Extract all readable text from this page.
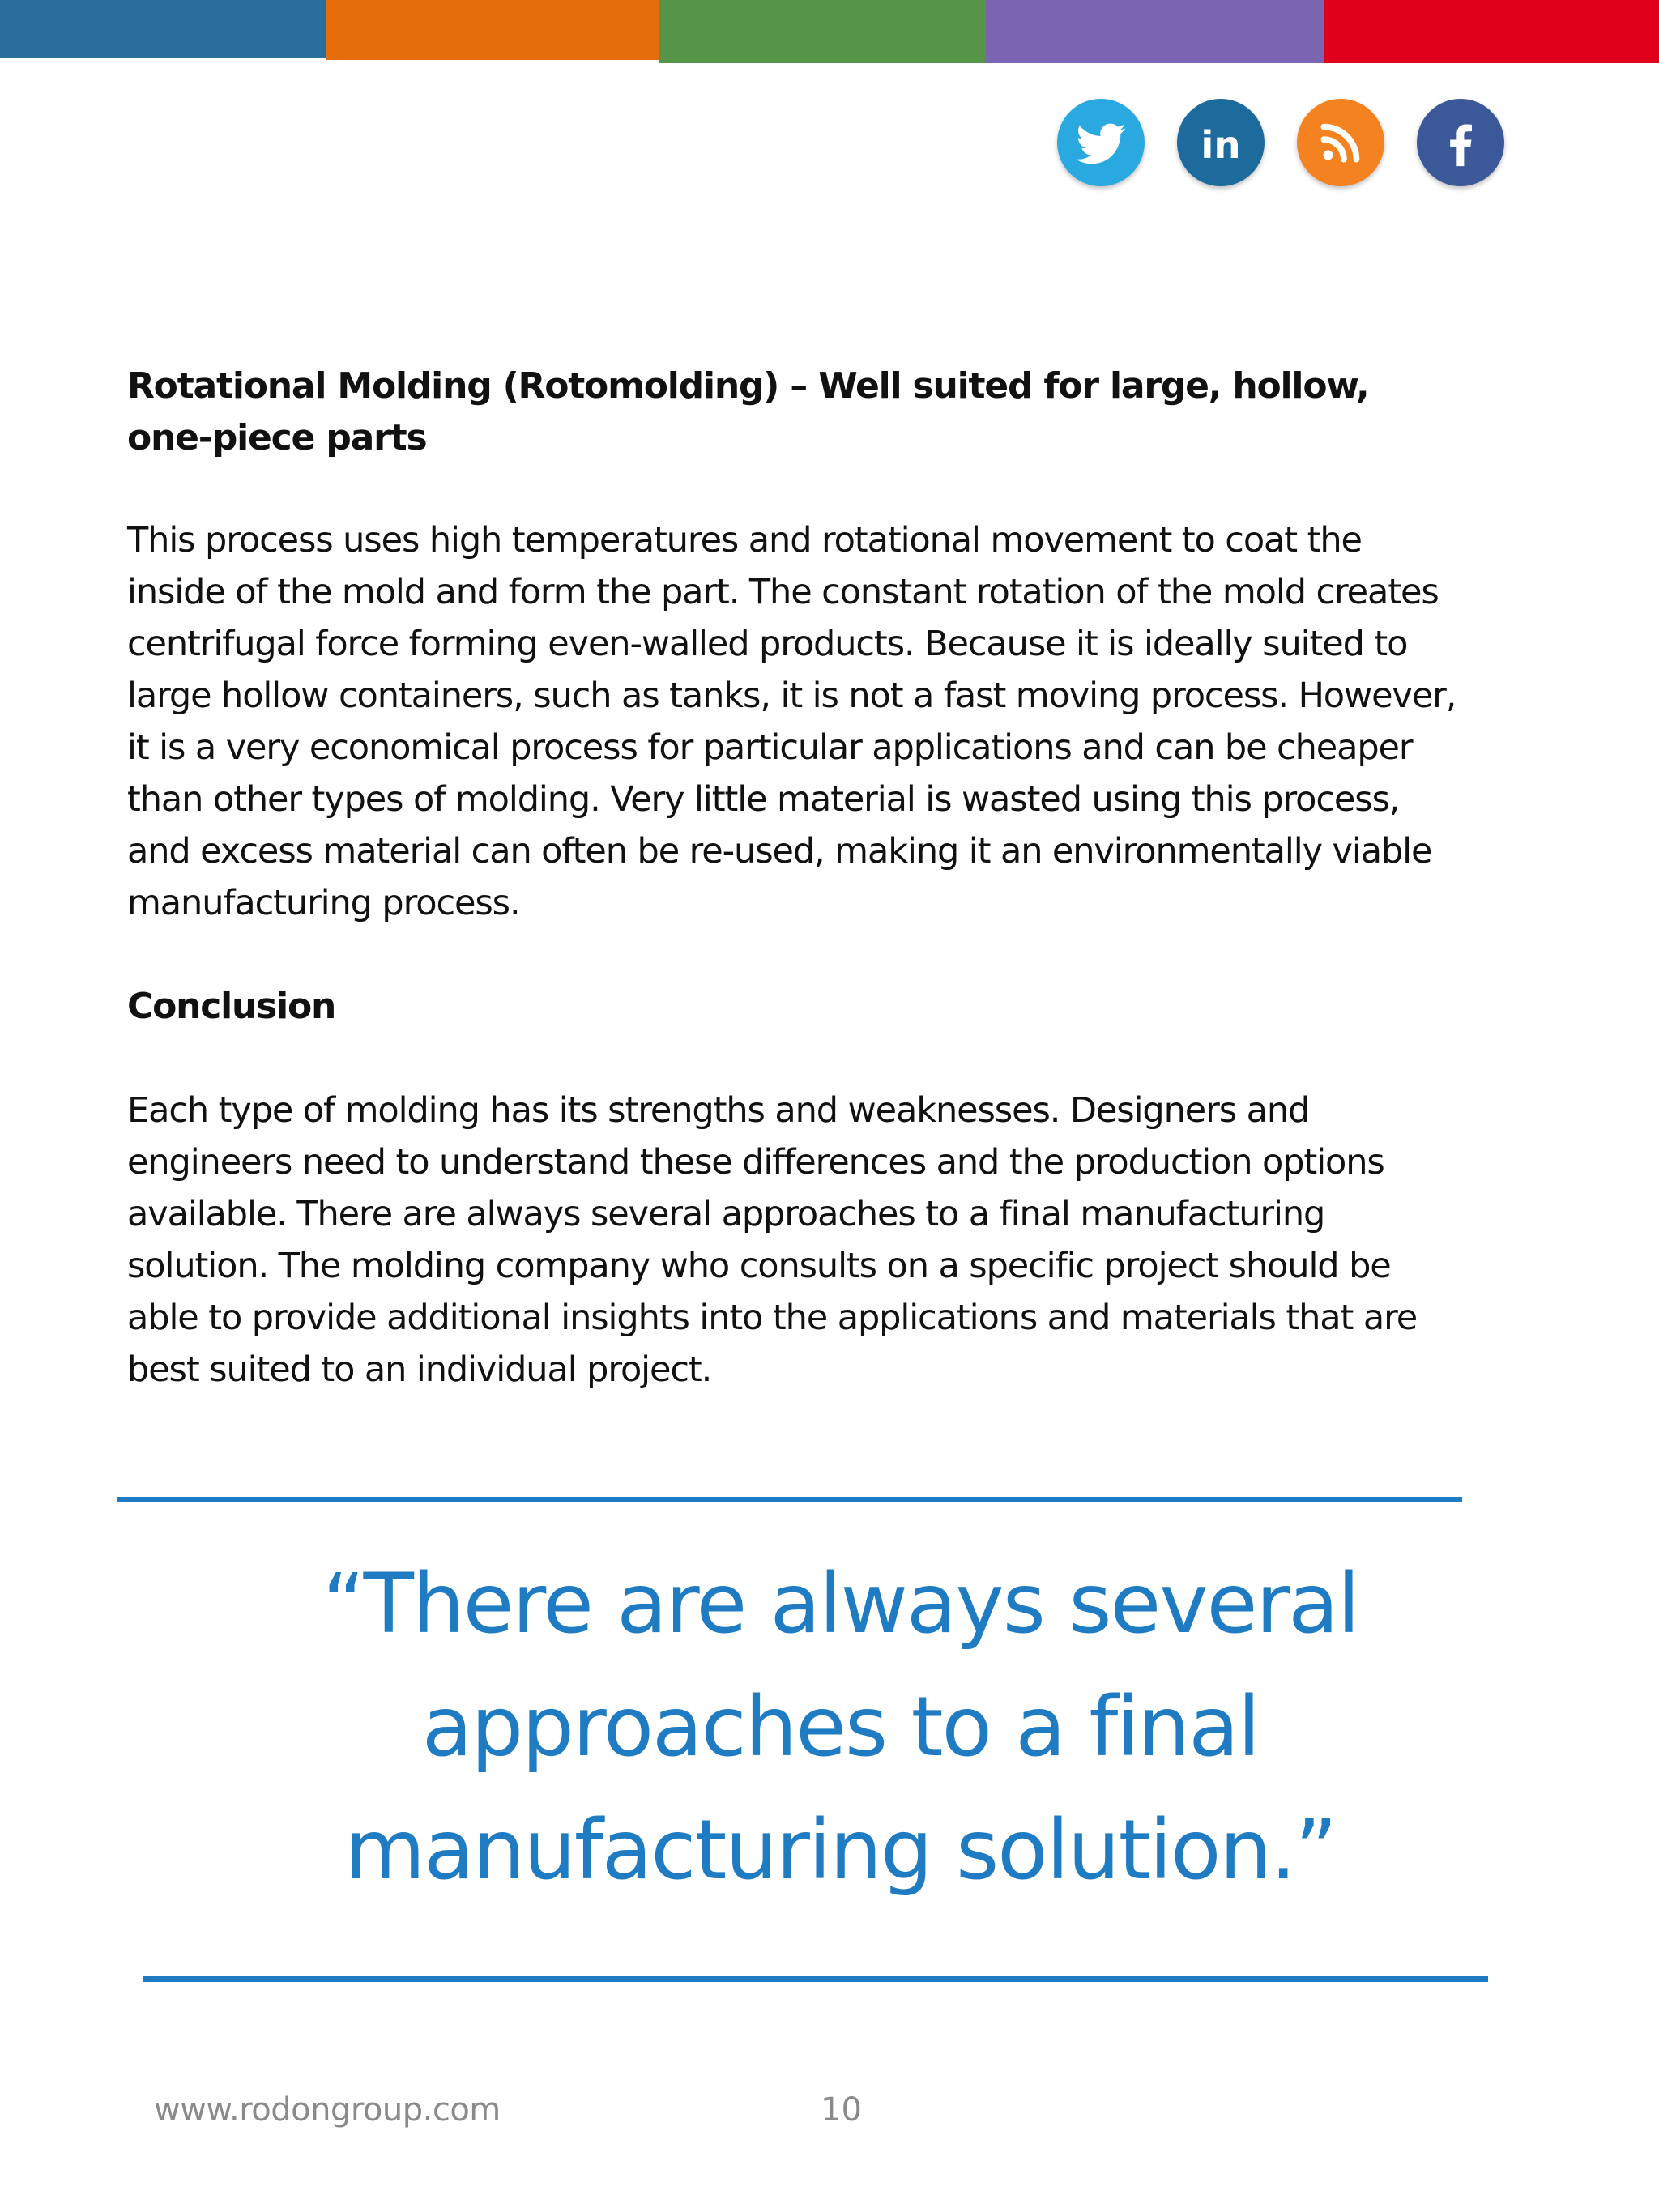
in

Rotational Molding (Rotomolding) – Well suited for large, hollow,

one-piece parts

This process uses high temperatures and rotational movement to coat the

inside of the mold and form the part. The constant rotation of the mold creates

centrifugal force forming even-walled products. Because it is ideally suited to

large hollow containers, such as tanks, it is not a fast moving process. However,

it is a very economical process for particular applications and can be cheaper

than other types of molding. Very little material is wasted using this process,

and excess material can often be re-used, making it an environmentally viable

manufacturing process.

Conclusion

Each type of molding has its strengths and weaknesses. Designers and

engineers need to understand these differences and the production options

available. There are always several approaches to a final manufacturing

solution. The molding company who consults on a specific project should be

able to provide additional insights into the applications and materials that are

best suited to an individual project.

“There are always several
approaches to a final
manufacturing solution.”
www.rodongroup.com	10
